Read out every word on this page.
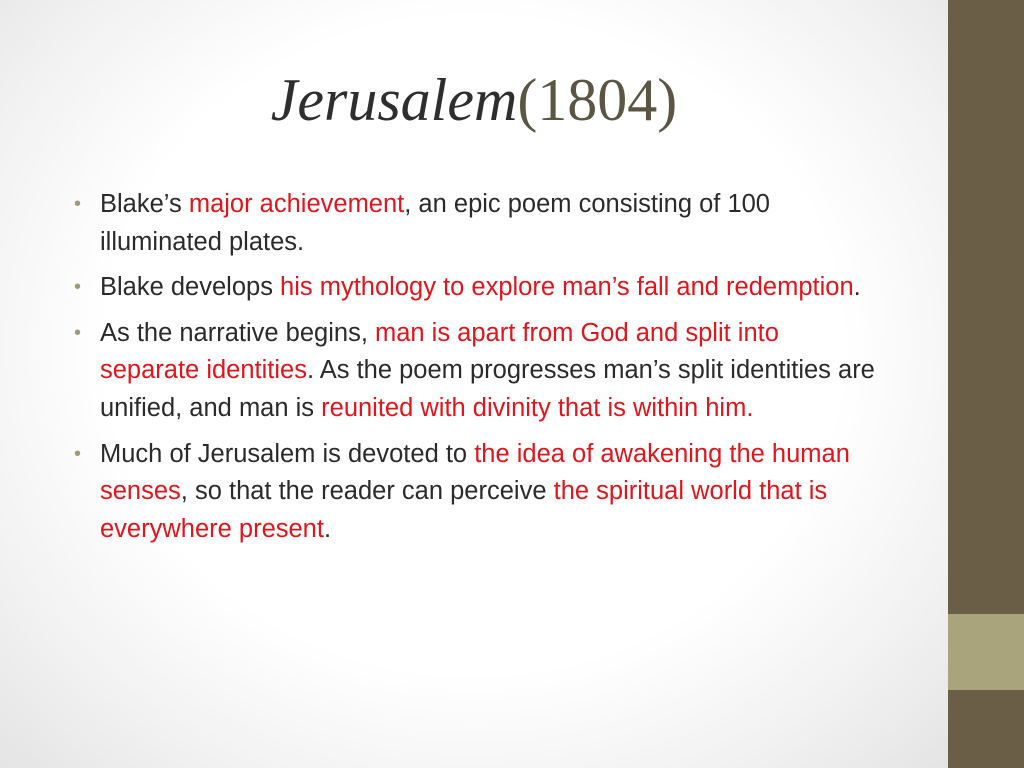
Jerusalem(1804)
• Blake’s major achievement, an epic poem consisting of 100 illuminated plates.
• Blake develops his mythology to explore man’s fall and redemption.
• As the narrative begins, man is apart from God and split into separate identities. As the poem progresses man’s split identities are unified, and man is reunited with divinity that is within him.
• Much of Jerusalem is devoted to the idea of awakening the human senses, so that the reader can perceive the spiritual world that is everywhere present.
